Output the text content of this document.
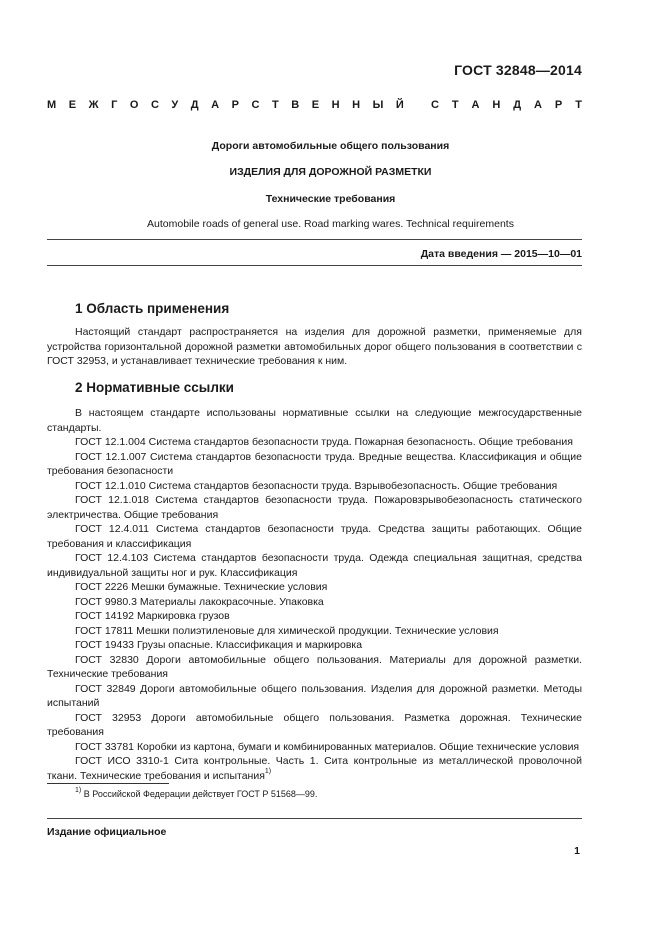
ГОСТ 32848—2014
М Е Ж Г О С У Д А Р С Т В Е Н Н Ы Й С Т А Н Д А Р Т
Дороги автомобильные общего пользования
ИЗДЕЛИЯ ДЛЯ ДОРОЖНОЙ РАЗМЕТКИ
Технические требования
Automobile roads of general use. Road marking wares. Technical requirements
Дата введения — 2015—10—01
1 Область применения

Настоящий стандарт распространяется на изделия для дорожной разметки, применяемые для устройства горизонтальной дорожной разметки автомобильных дорог общего пользования в соответствии с ГОСТ 32953, и устанавливает технические требования к ним.

2 Нормативные ссылки

В настоящем стандарте использованы нормативные ссылки на следующие межгосударственные стандарты.

ГОСТ 12.1.004 Система стандартов безопасности труда. Пожарная безопасность. Общие требования

ГОСТ 12.1.007 Система стандартов безопасности труда. Вредные вещества. Классификация и общие требования безопасности

ГОСТ 12.1.010 Система стандартов безопасности труда. Взрывобезопасность. Общие требования

ГОСТ 12.1.018 Система стандартов безопасности труда. Пожаровзрывобезопасность статического электричества. Общие требования

ГОСТ 12.4.011 Система стандартов безопасности труда. Средства защиты работающих. Общие требования и классификация

ГОСТ 12.4.103 Система стандартов безопасности труда. Одежда специальная защитная, средства индивидуальной защиты ног и рук. Классификация

ГОСТ 2226 Мешки бумажные. Технические условия

ГОСТ 9980.3 Материалы лакокрасочные. Упаковка

ГОСТ 14192 Маркировка грузов

ГОСТ 17811 Мешки полиэтиленовые для химической продукции. Технические условия

ГОСТ 19433 Грузы опасные. Классификация и маркировка

ГОСТ 32830 Дороги автомобильные общего пользования. Материалы для дорожной разметки. Технические требования

ГОСТ 32849 Дороги автомобильные общего пользования. Изделия для дорожной разметки. Методы испытаний

ГОСТ 32953 Дороги автомобильные общего пользования. Разметка дорожная. Технические требования

ГОСТ 33781 Коробки из картона, бумаги и комбинированных материалов. Общие технические условия

ГОСТ ИСО 3310-1 Сита контрольные. Часть 1. Сита контрольные из металлической проволочной ткани. Технические требования и испытания$^{1)}$

$^{1)}$ В Российской Федерации действует ГОСТ Р 51568—99.
Издание официальное
1
